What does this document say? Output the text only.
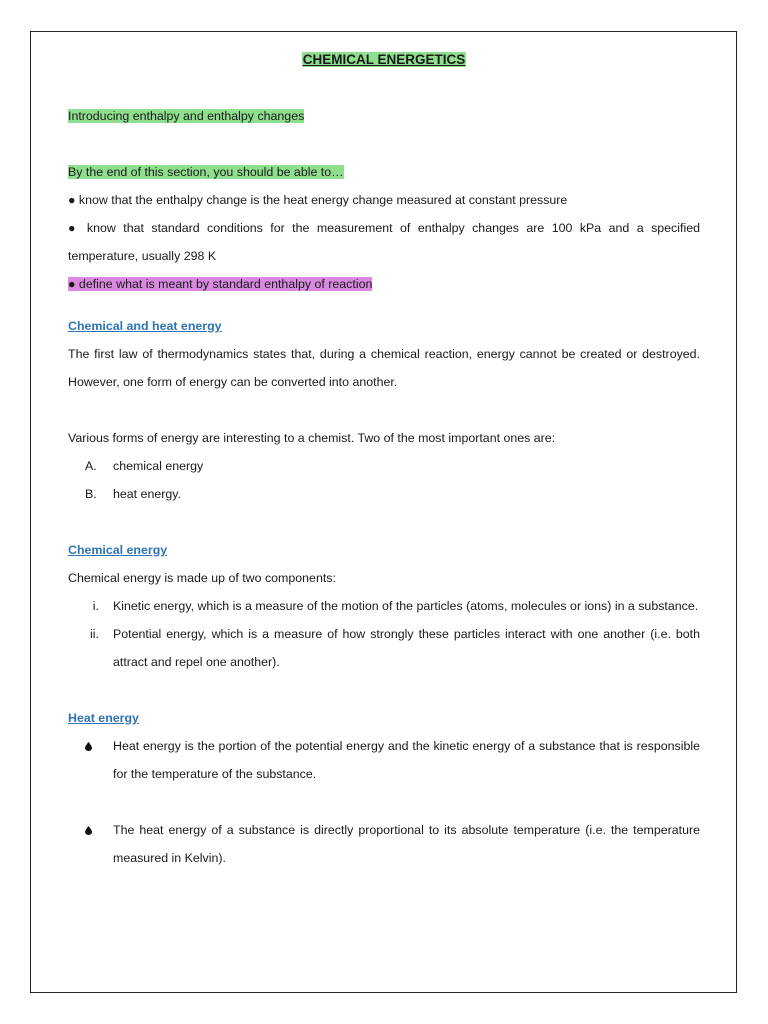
CHEMICAL ENERGETICS
Introducing enthalpy and enthalpy changes
By the end of this section, you should be able to…
● know that the enthalpy change is the heat energy change measured at constant pressure
● know that standard conditions for the measurement of enthalpy changes are 100 kPa and a specified temperature, usually 298 K
● define what is meant by standard enthalpy of reaction
Chemical and heat energy
The first law of thermodynamics states that, during a chemical reaction, energy cannot be created or destroyed. However, one form of energy can be converted into another.
Various forms of energy are interesting to a chemist. Two of the most important ones are:
A.	chemical energy
B.	heat energy.
Chemical energy
Chemical energy is made up of two components:
i.	Kinetic energy, which is a measure of the motion of the particles (atoms, molecules or ions) in a substance.
ii.	Potential energy, which is a measure of how strongly these particles interact with one another (i.e. both attract and repel one another).
Heat energy
Heat energy is the portion of the potential energy and the kinetic energy of a substance that is responsible for the temperature of the substance.
The heat energy of a substance is directly proportional to its absolute temperature (i.e. the temperature measured in Kelvin).
